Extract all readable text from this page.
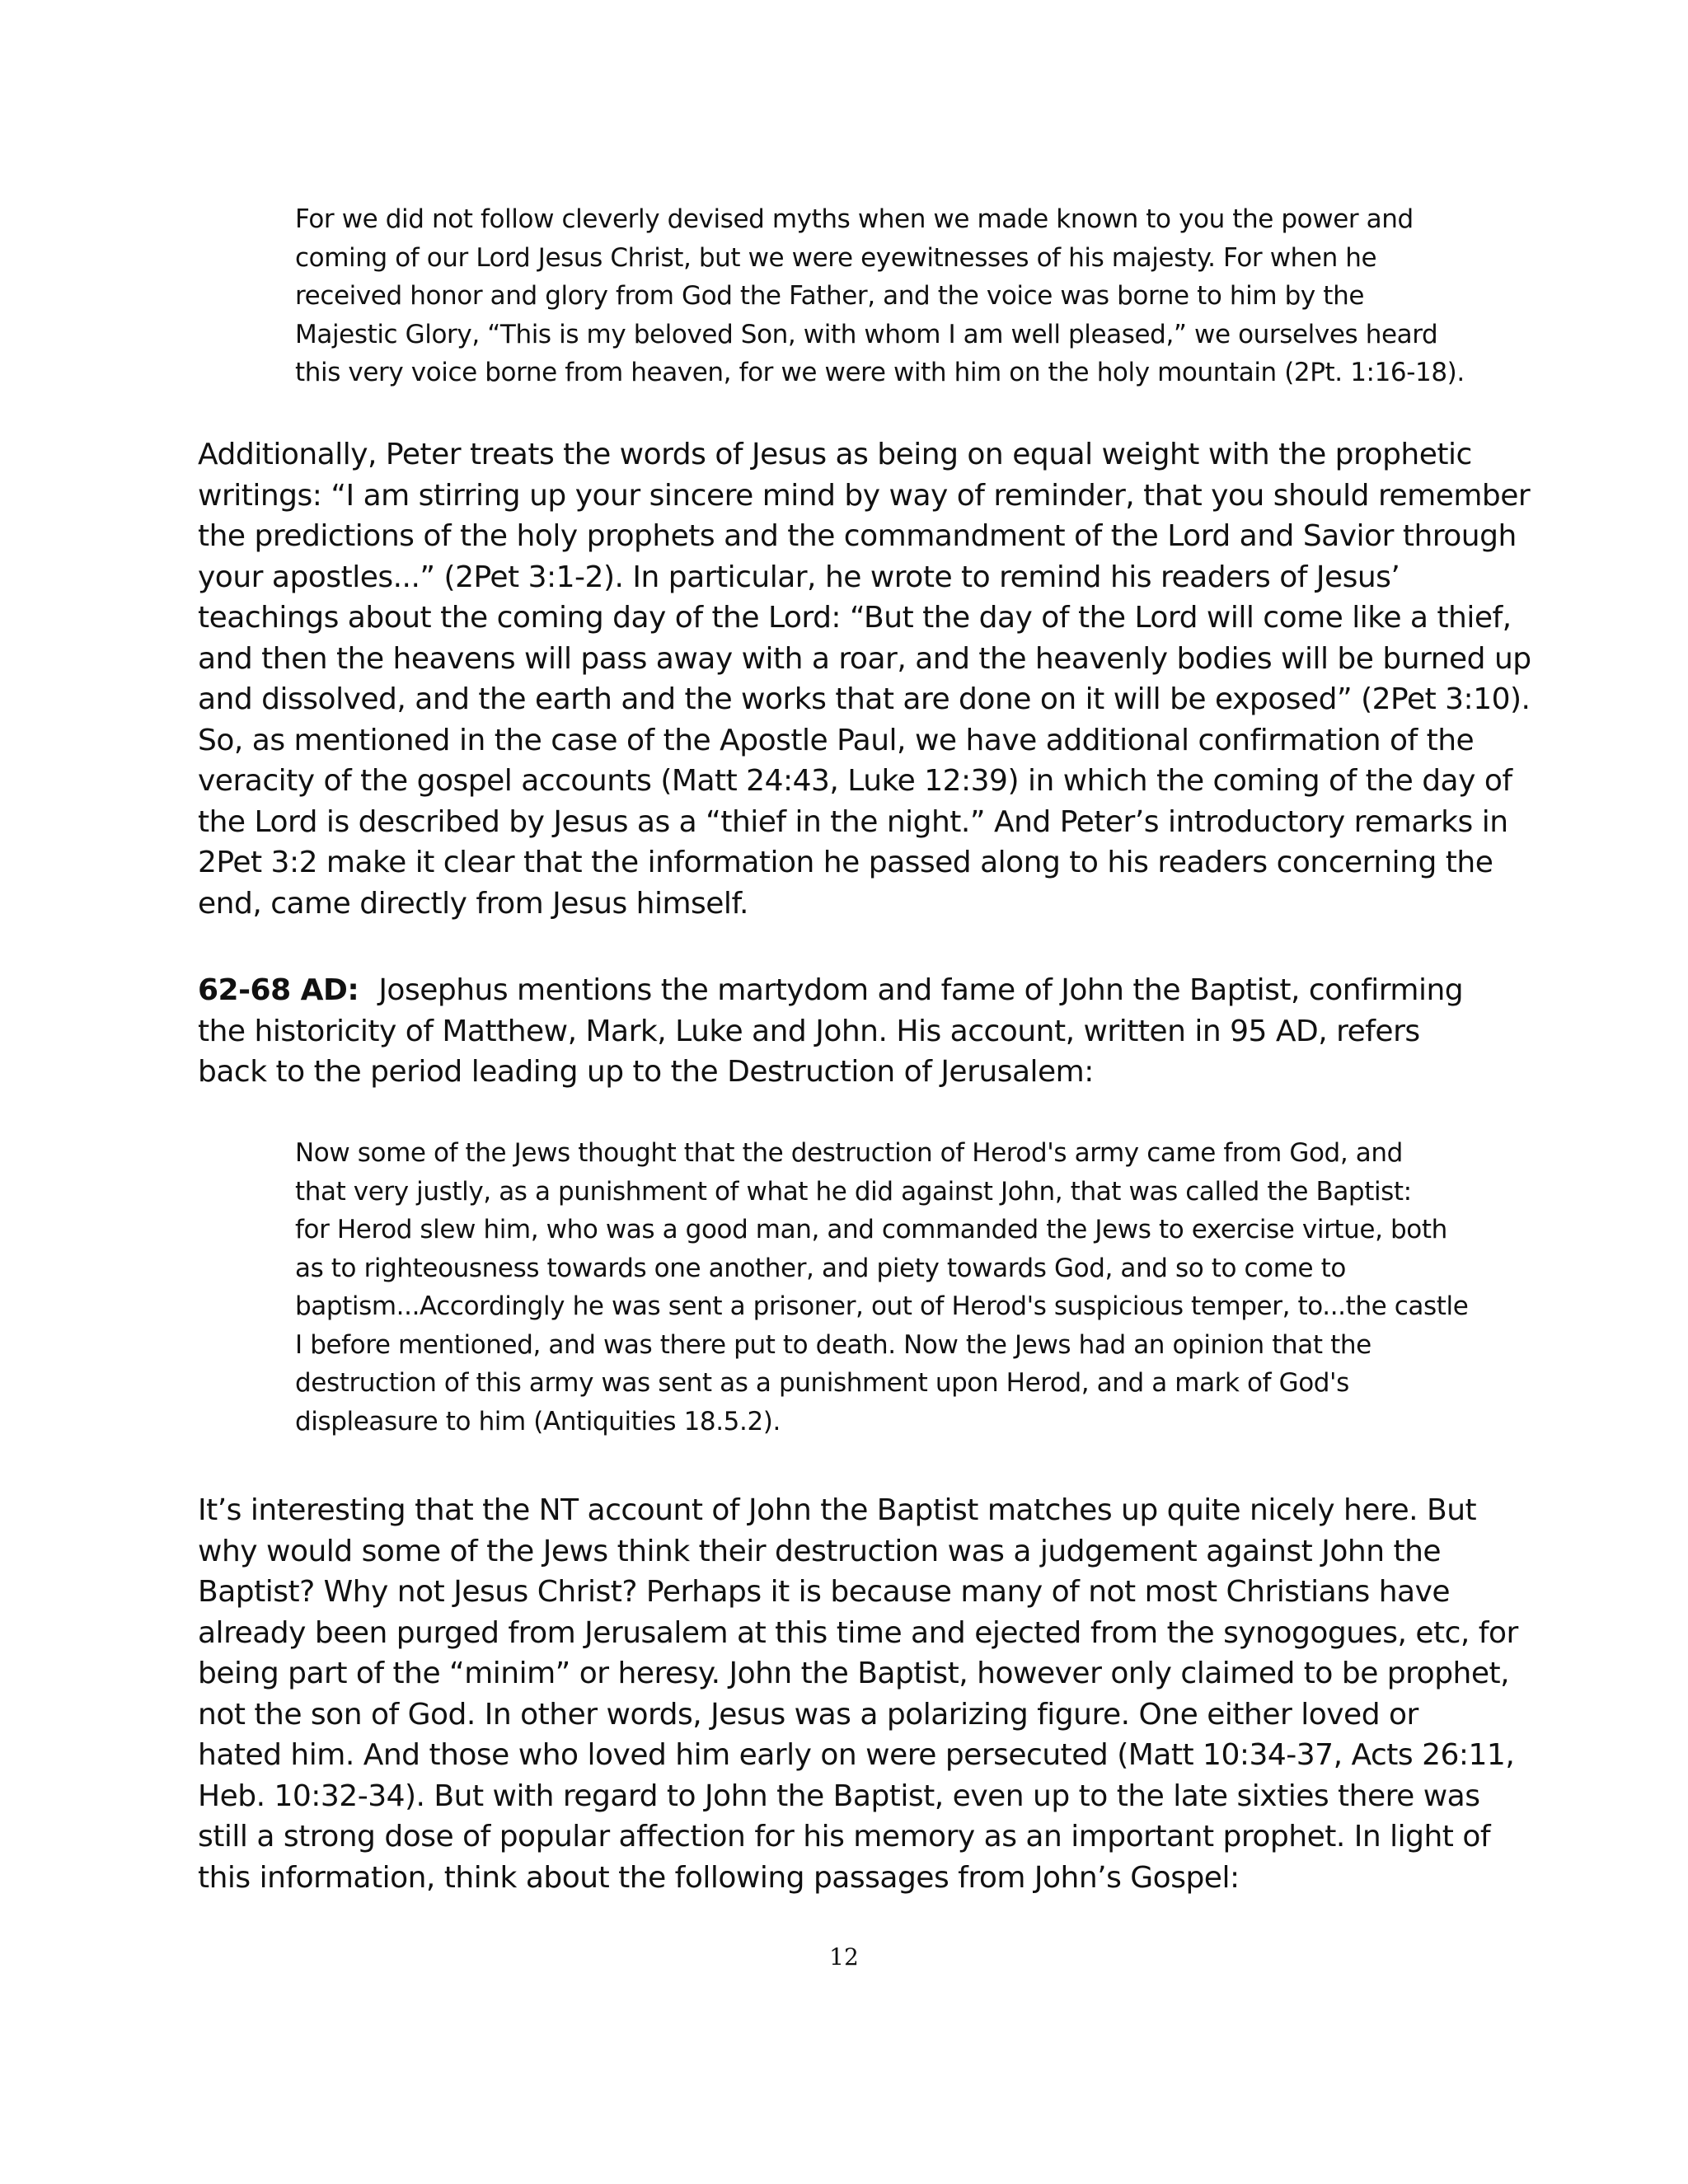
For we did not follow cleverly devised myths when we made known to you the power and
coming of our Lord Jesus Christ, but we were eyewitnesses of his majesty. For when he
received honor and glory from God the Father, and the voice was borne to him by the
Majestic Glory, “This is my beloved Son, with whom I am well pleased,” we ourselves heard
this very voice borne from heaven, for we were with him on the holy mountain (2Pt. 1:16-18).
Additionally, Peter treats the words of Jesus as being on equal weight with the prophetic
writings: “I am stirring up your sincere mind by way of reminder, that you should remember
the predictions of the holy prophets and the commandment of the Lord and Savior through
your apostles...” (2Pet 3:1-2). In particular, he wrote to remind his readers of Jesus’
teachings about the coming day of the Lord: “But the day of the Lord will come like a thief,
and then the heavens will pass away with a roar, and the heavenly bodies will be burned up
and dissolved, and the earth and the works that are done on it will be exposed” (2Pet 3:10).
So, as mentioned in the case of the Apostle Paul, we have additional confirmation of the
veracity of the gospel accounts (Matt 24:43, Luke 12:39) in which the coming of the day of
the Lord is described by Jesus as a “thief in the night.” And Peter’s introductory remarks in
2Pet 3:2 make it clear that the information he passed along to his readers concerning the
end, came directly from Jesus himself.
62-68 AD: Josephus mentions the martydom and fame of John the Baptist, confirming
the historicity of Matthew, Mark, Luke and John. His account, written in 95 AD, refers
back to the period leading up to the Destruction of Jerusalem:
Now some of the Jews thought that the destruction of Herod's army came from God, and
that very justly, as a punishment of what he did against John, that was called the Baptist:
for Herod slew him, who was a good man, and commanded the Jews to exercise virtue, both
as to righteousness towards one another, and piety towards God, and so to come to
baptism...Accordingly he was sent a prisoner, out of Herod's suspicious temper, to...the castle
I before mentioned, and was there put to death. Now the Jews had an opinion that the
destruction of this army was sent as a punishment upon Herod, and a mark of God's
displeasure to him (Antiquities 18.5.2).
It’s interesting that the NT account of John the Baptist matches up quite nicely here. But
why would some of the Jews think their destruction was a judgement against John the
Baptist? Why not Jesus Christ? Perhaps it is because many of not most Christians have
already been purged from Jerusalem at this time and ejected from the synogogues, etc, for
being part of the “minim” or heresy. John the Baptist, however only claimed to be prophet,
not the son of God. In other words, Jesus was a polarizing figure. One either loved or
hated him. And those who loved him early on were persecuted (Matt 10:34-37, Acts 26:11,
Heb. 10:32-34). But with regard to John the Baptist, even up to the late sixties there was
still a strong dose of popular affection for his memory as an important prophet. In light of
this information, think about the following passages from John’s Gospel:
12
